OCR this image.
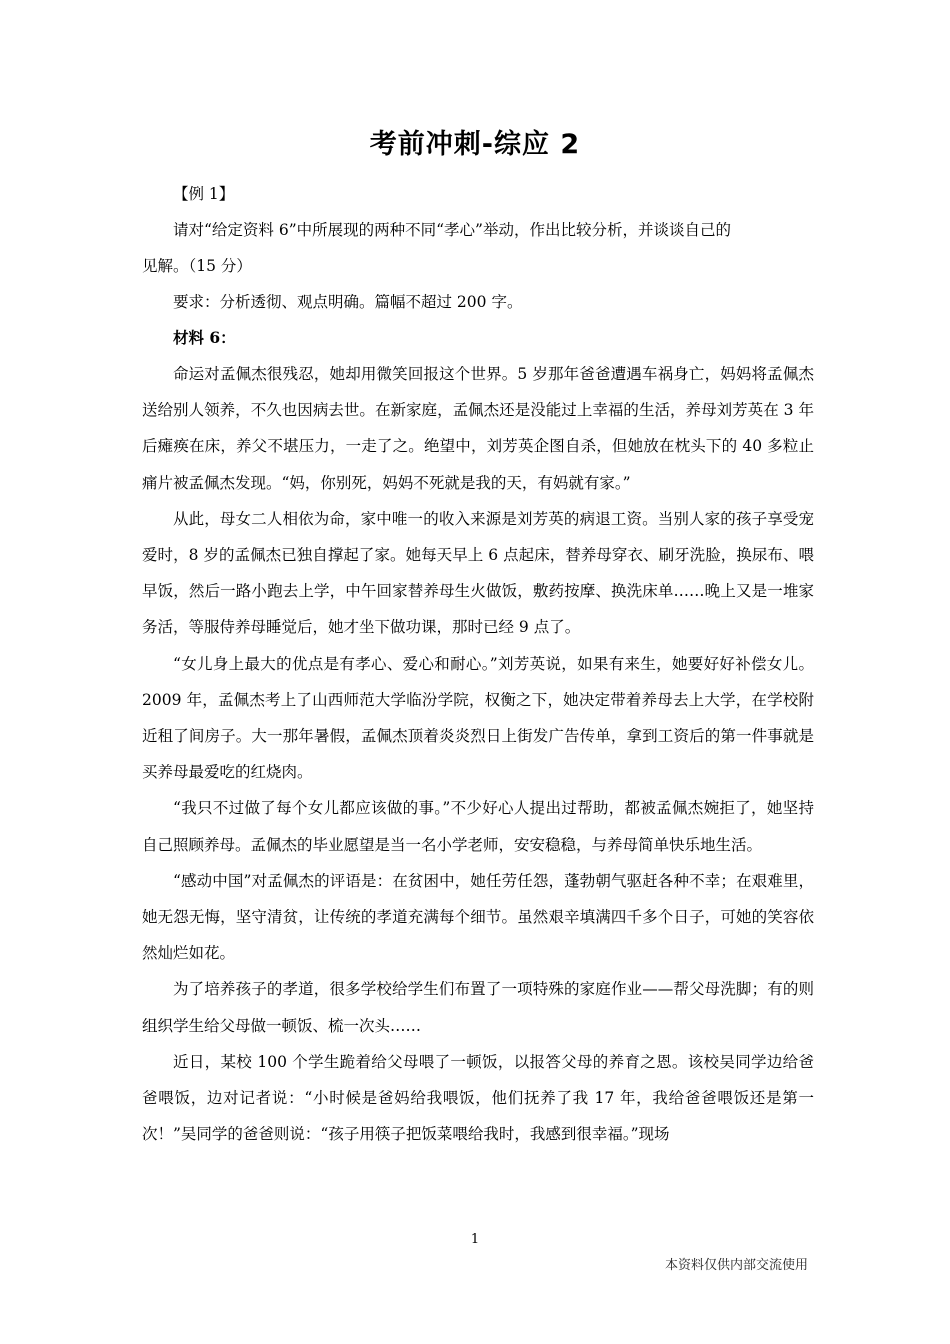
考前冲刺-综应 2

【例 1】

请对“给定资料 6”中所展现的两种不同“孝心”举动，作出比较分析，并谈谈自己的

见解。（15 分）

要求：分析透彻、观点明确。篇幅不超过 200 字。

材料 6：

命运对孟佩杰很残忍，她却用微笑回报这个世界。5 岁那年爸爸遭遇车祸身亡，妈妈将孟佩杰送给别人领养，不久也因病去世。在新家庭，孟佩杰还是没能过上幸福的生活，养母刘芳英在 3 年后瘫痪在床，养父不堪压力，一走了之。绝望中，刘芳英企图自杀，但她放在枕头下的 40 多粒止痛片被孟佩杰发现。“妈，你别死，妈妈不死就是我的天，有妈就有家。”

从此，母女二人相依为命，家中唯一的收入来源是刘芳英的病退工资。当别人家的孩子享受宠爱时，8 岁的孟佩杰已独自撑起了家。她每天早上 6 点起床，替养母穿衣、刷牙洗脸，换尿布、喂早饭，然后一路小跑去上学，中午回家替养母生火做饭，敷药按摩、换洗床单……晚上又是一堆家务活，等服侍养母睡觉后，她才坐下做功课，那时已经 9 点了。

“女儿身上最大的优点是有孝心、爱心和耐心。”刘芳英说，如果有来生，她要好好补偿女儿。2009 年，孟佩杰考上了山西师范大学临汾学院，权衡之下，她决定带着养母去上大学，在学校附近租了间房子。大一那年暑假，孟佩杰顶着炎炎烈日上街发广告传单，拿到工资后的第一件事就是买养母最爱吃的红烧肉。

“我只不过做了每个女儿都应该做的事。”不少好心人提出过帮助，都被孟佩杰婉拒了，她坚持自己照顾养母。孟佩杰的毕业愿望是当一名小学老师，安安稳稳，与养母简单快乐地生活。

“感动中国”对孟佩杰的评语是：在贫困中，她任劳任怨，蓬勃朝气驱赶各种不幸；在艰难里，她无怨无悔，坚守清贫，让传统的孝道充满每个细节。虽然艰辛填满四千多个日子，可她的笑容依然灿烂如花。

为了培养孩子的孝道，很多学校给学生们布置了一项特殊的家庭作业——帮父母洗脚；有的则组织学生给父母做一顿饭、梳一次头……

近日，某校 100 个学生跪着给父母喂了一顿饭，以报答父母的养育之恩。该校吴同学边给爸爸喂饭，边对记者说：“小时候是爸妈给我喂饭，他们抚养了我 17 年，我给爸爸喂饭还是第一次！”吴同学的爸爸则说：“孩子用筷子把饭菜喂给我时，我感到很幸福。”现场

1
本资料仅供内部交流使用
